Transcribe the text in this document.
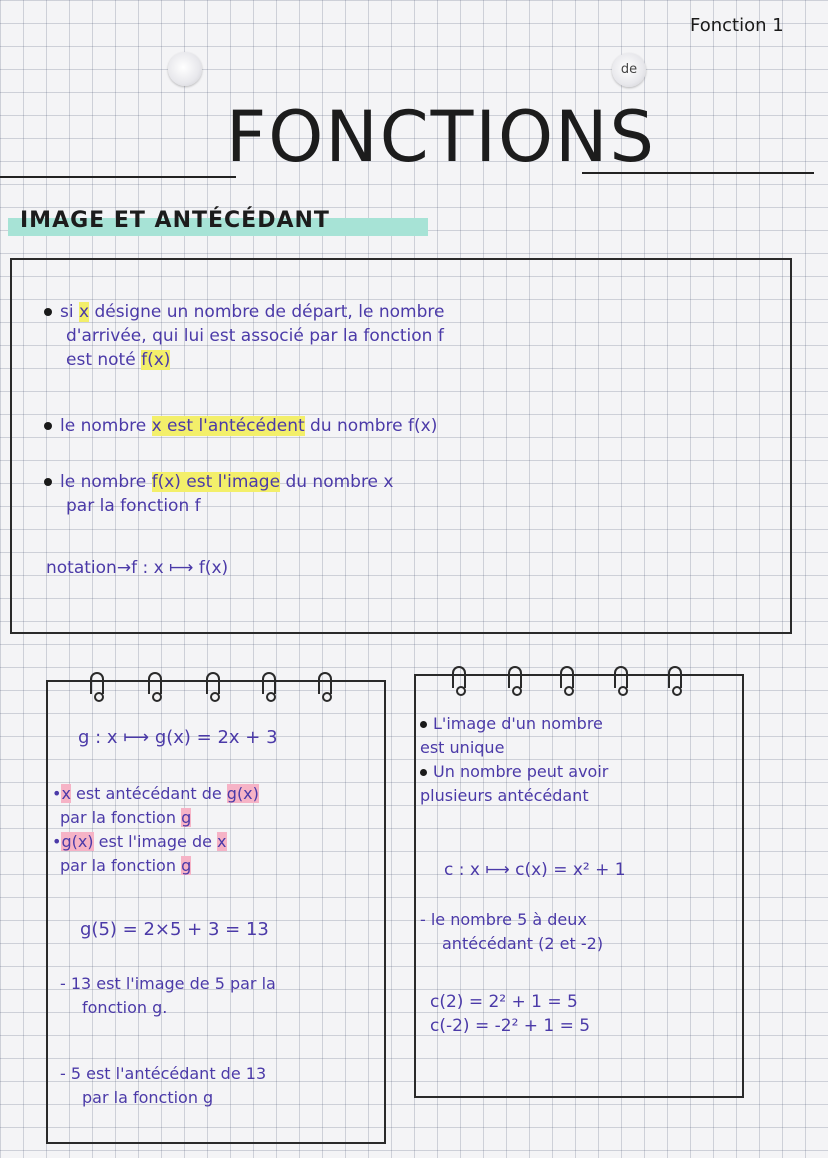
Fonction 1
de
FONCTIONS
IMAGE ET ANTÉCÉDANT
si x désigne un nombre de départ, le nombre
d'arrivée, qui lui est associé par la fonction f
est noté f(x)
le nombre x est l'antécédent du nombre f(x)
le nombre f(x) est l'image du nombre x
par la fonction f
notation→f : x ⟼ f(x)
g : x ⟼ g(x) = 2x + 3
•x est antécédant de g(x)
par la fonction g
•g(x) est l'image de x
par la fonction g
g(5) = 2×5 + 3 = 13
- 13 est l'image de 5 par la
fonction g.
- 5 est l'antécédant de 13
par la fonction g
L'image d'un nombre
est unique
Un nombre peut avoir
plusieurs antécédant
c : x ⟼ c(x) = x² + 1
- le nombre 5 à deux
antécédant (2 et -2)
c(2) = 2² + 1 = 5
c(-2) = -2² + 1 = 5
